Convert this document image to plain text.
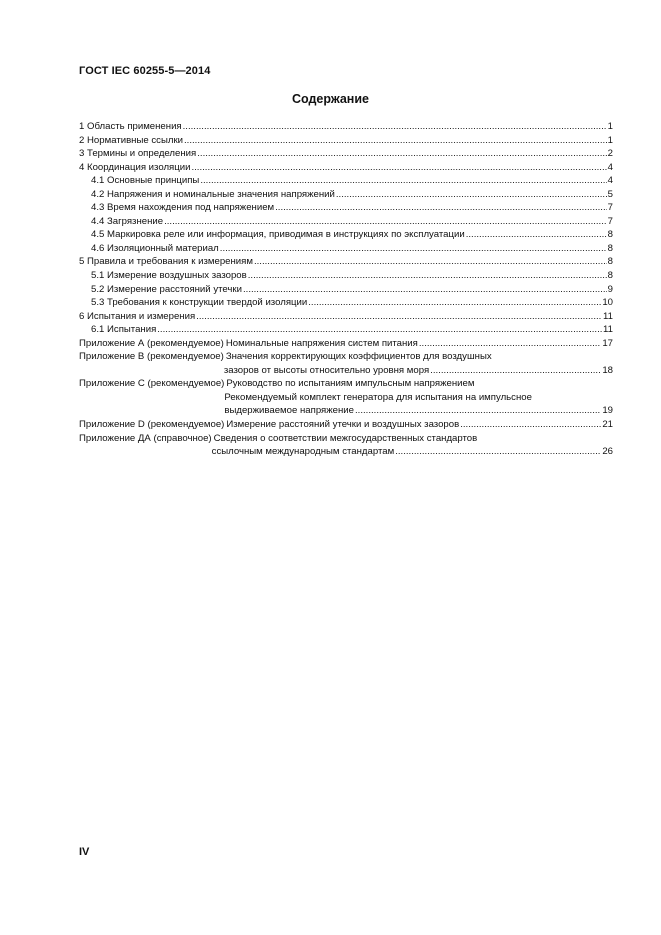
ГОСТ IEC 60255-5—2014
Содержание
1 Область применения .....	1
2 Нормативные ссылки .....	1
3 Термины и определения .....	2
4 Координация изоляции .....	4
4.1 Основные принципы .....	4
4.2 Напряжения и номинальные значения напряжений .....	5
4.3 Время нахождения под напряжением .....	7
4.4 Загрязнение .....	7
4.5 Маркировка реле или информация, приводимая в инструкциях по эксплуатации .....	8
4.6 Изоляционный материал .....	8
5 Правила и требования к измерениям .....	8
5.1 Измерение воздушных зазоров .....	8
5.2 Измерение расстояний утечки .....	9
5.3 Требования к конструкции твердой изоляции .....	10
6 Испытания и измерения .....	11
6.1 Испытания .....	11
Приложение А (рекомендуемое) Номинальные напряжения систем питания .....	17
Приложение В (рекомендуемое) Значения корректирующих коэффициентов для воздушных
зазоров от высоты относительно уровня моря .....	18
Приложение С (рекомендуемое) Руководство по испытаниям импульсным напряжением
Рекомендуемый комплект генератора для испытания на импульсное
выдерживаемое напряжение .....	19
Приложение D (рекомендуемое) Измерение расстояний утечки и воздушных зазоров .....	21
Приложение ДА (справочное) Сведения о соответствии межгосударственных стандартов
ссылочным международным стандартам .....	26
IV
